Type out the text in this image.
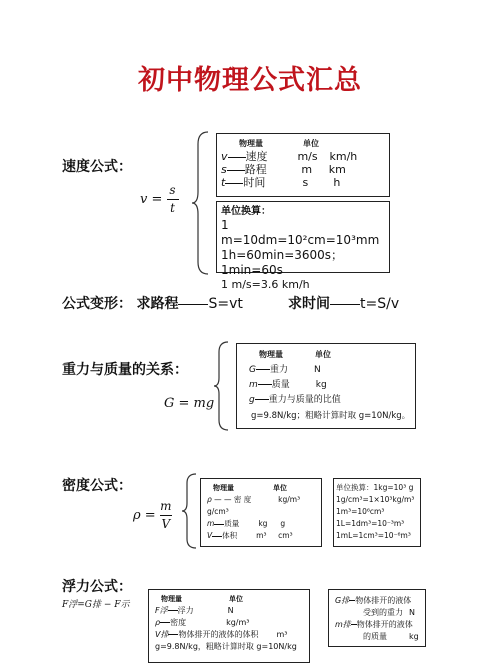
初中物理公式汇总
速度公式：
$v = \frac{s}{t}$
物理量	单位
v 速度	m/s km/h
s 路程	m km
t 时间	s h
单位换算：
1 m=10dm=10²cm=10³mm
1h=60min=3600s；
1min=60s
1 m/s=3.6 km/h
公式变形： 求路程 S=vt	求时间 t=S/v
重力与质量的关系：
G = mg
物理量	单位
G 重力	N
m 质量	kg
g 重力与质量的比值
g=9.8N/kg；粗略计算时取 g=10N/kg。
密度公式：
$\rho = \frac{m}{V}$
物理量	单位
ρ — — 密 度	kg/m³
g/cm³
m 质量	kg g
V 体积	m³ cm³
单位换算：1kg=10³ g
1g/cm³=1×10³kg/m³
1m³=10⁶cm³
1L=1dm³=10⁻³m³
1mL=1cm³=10⁻⁶m³
浮力公式：
F浮=G排 − F示
物理量	单位
F浮 浮力	N
ρ 密度	kg/m³
V排 物体排开的液体的体积 m³
g=9.8N/kg，粗略计算时取 g=10N/kg
G排 物体排开的液体
受到的重力 N
m排 物体排开的液体
的质量	kg
